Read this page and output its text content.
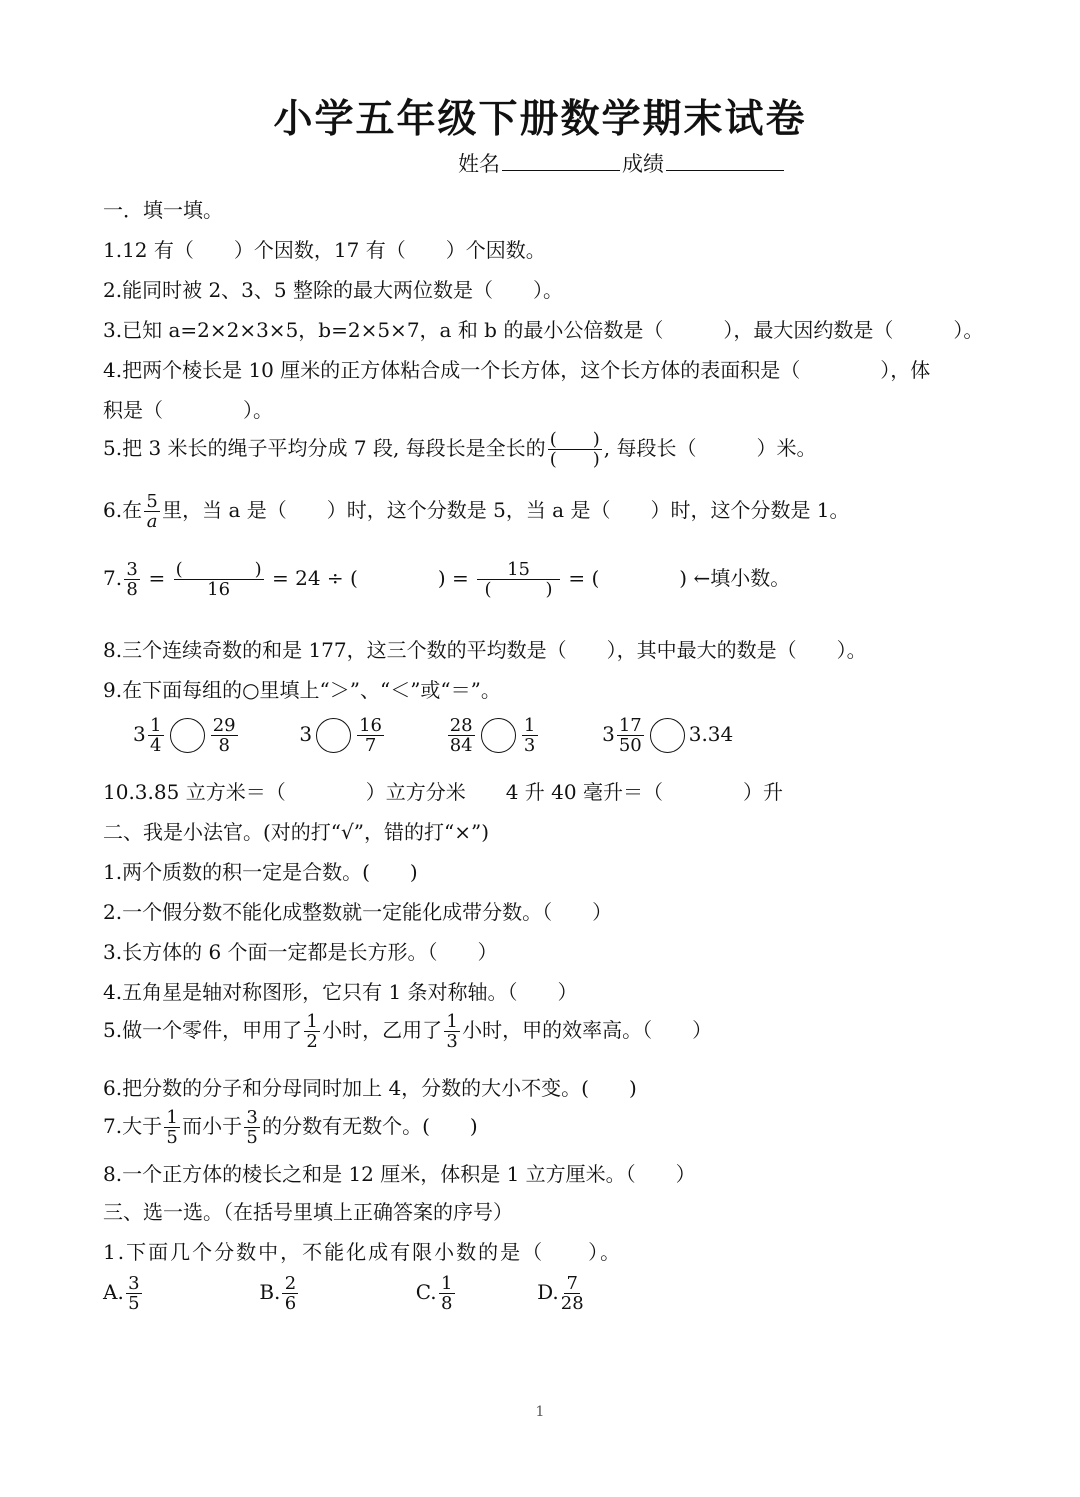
小学五年级下册数学期末试卷
姓名	成绩
一．填一填。
1.12 有（　　）个因数，17 有（　　）个因数。
2.能同时被 2、3、5 整除的最大两位数是（　　）。
3.已知 a=2×2×3×5，b=2×5×7，a 和 b 的最小公倍数是（　　　），最大因约数是（　　　）。
4.把两个棱长是 10 厘米的正方体粘合成一个长方体，这个长方体的表面积是（　　　　），体
积是（　　　　）。
5.把 3 米长的绳子平均分成 7 段, 每段长是全长的 $\frac{( )}{( )}$ , 每段长（　　　）米。
6.在 $\frac{5}{a}$ 里，当 a 是（　　）时，这个分数是 5，当 a 是（　　）时，这个分数是 1。
7. $\frac{3}{8} = \frac{( )}{16} = 24$ ÷ (　　　　) = $\frac{15}{( )}$ = (　　　　) ←填小数。
8.三个连续奇数的和是 177，这三个数的平均数是（　　），其中最大的数是（　　）。
9.在下面每组的○里填上“＞”、“＜”或“＝”。
$3 \frac{1}{4}$	$\frac{29}{8}$	3	$\frac{16}{7}$
	$\frac{28}{84}$	$\frac{1}{3}$	$3 \frac{17}{50} 3.34$
10.3.85 立方米＝（　　　　）立方分米　　4 升 40 毫升＝（　　　　）升
二、我是小法官。(对的打“√”，错的打“×”)
1.两个质数的积一定是合数。(　　)
2.一个假分数不能化成整数就一定能化成带分数。（　　）
3.长方体的 6 个面一定都是长方形。（　　）
4.五角星是轴对称图形，它只有 1 条对称轴。（　　）
5.做一个零件，甲用了 $\frac{1}{2}$ 小时，乙用了 $\frac{1}{3}$ 小时，甲的效率高。（　　）
6.把分数的分子和分母同时加上 4，分数的大小不变。(　　)
7.大于 $\frac{1}{5}$ 而小于 $\frac{3}{5}$ 的分数有无数个。(　　)
8.一个正方体的棱长之和是 12 厘米，体积是 1 立方厘米。（　　）
三、选一选。（在括号里填上正确答案的序号）
1.下面几个分数中，不能化成有限小数的是（　　）。
A. $\frac{3}{5}$	B. $\frac{2}{6}$	C. $\frac{1}{8}$	D. $\frac{7}{28}$
1
